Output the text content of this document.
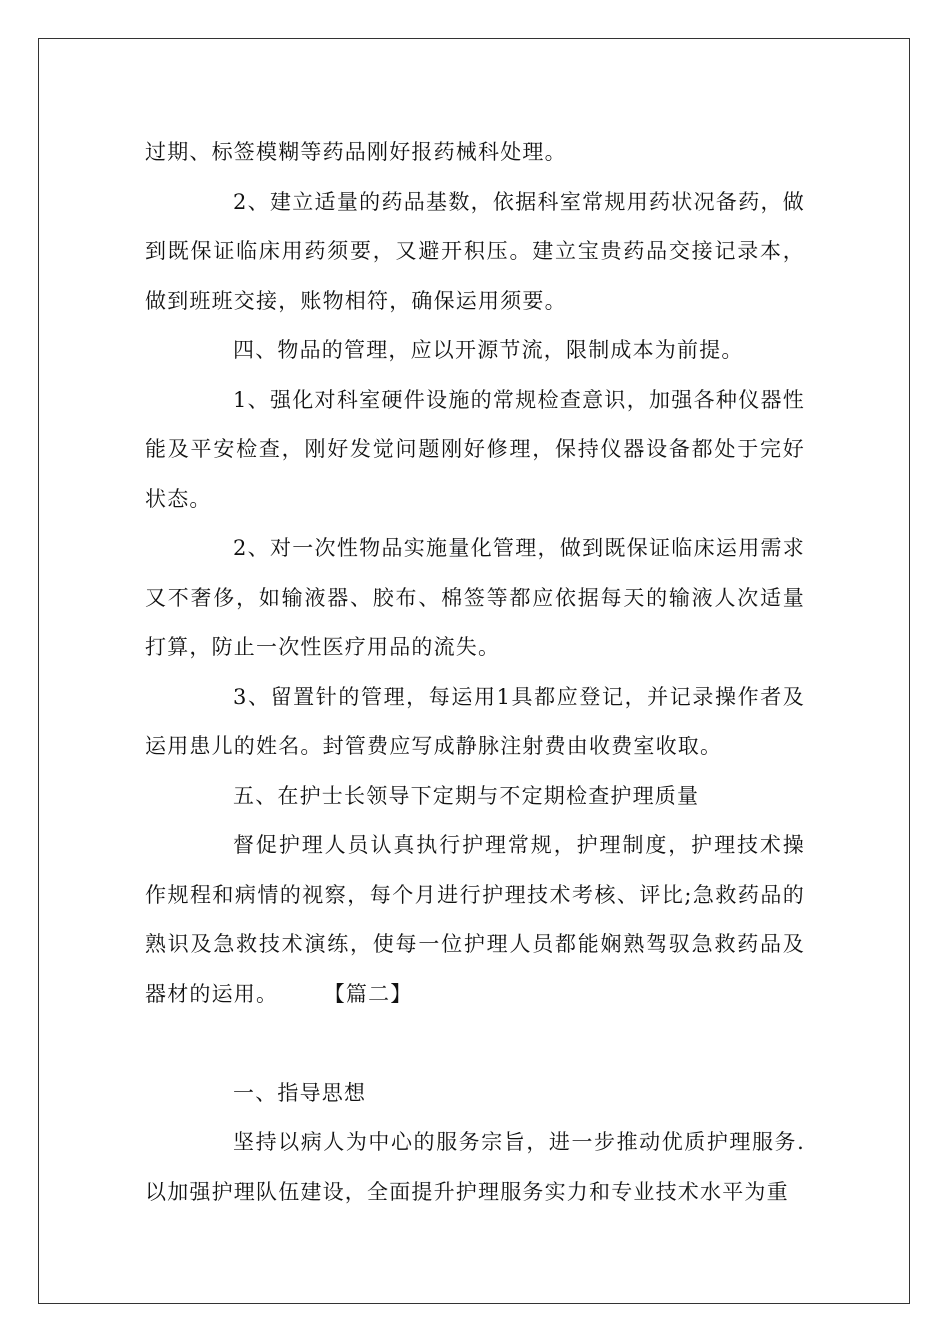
过期、标签模糊等药品刚好报药械科处理。

2、建立适量的药品基数，依据科室常规用药状况备药，做到既保证临床用药须要，又避开积压。建立宝贵药品交接记录本，做到班班交接，账物相符，确保运用须要。

四、物品的管理，应以开源节流，限制成本为前提。

1、强化对科室硬件设施的常规检查意识，加强各种仪器性能及平安检查，刚好发觉问题刚好修理，保持仪器设备都处于完好状态。

2、对一次性物品实施量化管理，做到既保证临床运用需求又不奢侈，如输液器、胶布、棉签等都应依据每天的输液人次适量打算，防止一次性医疗用品的流失。

3、留置针的管理，每运用1具都应登记，并记录操作者及运用患儿的姓名。封管费应写成静脉注射费由收费室收取。

五、在护士长领导下定期与不定期检查护理质量

督促护理人员认真执行护理常规，护理制度，护理技术操作规程和病情的视察，每个月进行护理技术考核、评比;急救药品的熟识及急救技术演练，使每一位护理人员都能娴熟驾驭急救药品及器材的运用。	【篇二】

一、指导思想

坚持以病人为中心的服务宗旨，进一步推动优质护理服务.以加强护理队伍建设，全面提升护理服务实力和专业技术水平为重
